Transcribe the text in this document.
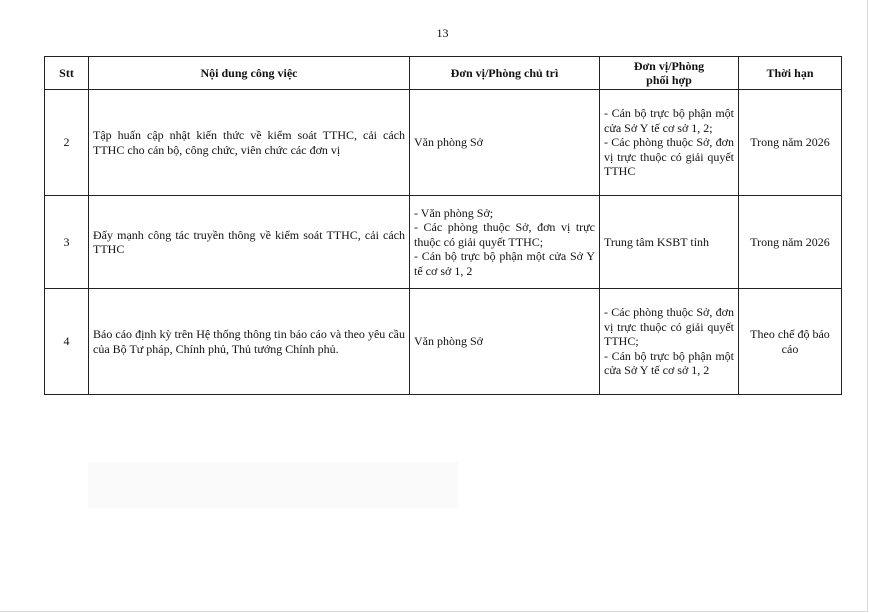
13
Stt	Nội dung công việc	Đơn vị/Phòng chủ trì	Đơn vị/Phòng
phối hợp	Thời hạn
2	Tập huấn cập nhật kiến thức về kiểm soát TTHC, cải cách TTHC cho cán bộ, công chức, viên chức các đơn vị	Văn phòng Sở	- Cán bộ trực bộ phận một cửa Sở Y tế cơ sở 1, 2;
- Các phòng thuộc Sở, đơn vị trực thuộc có giải quyết TTHC	Trong năm 2026
3	Đẩy mạnh công tác truyền thông về kiểm soát TTHC, cải cách TTHC	- Văn phòng Sở;
- Các phòng thuộc Sở, đơn vị trực thuộc có giải quyết TTHC;
- Cán bộ trực bộ phận một cửa Sở Y tế cơ sở 1, 2	Trung tâm KSBT tỉnh	Trong năm 2026
4	Báo cáo định kỳ trên Hệ thống thông tin báo cáo và theo yêu cầu của Bộ Tư pháp, Chính phủ, Thủ tướng Chính phủ.	Văn phòng Sở	- Các phòng thuộc Sở, đơn vị trực thuộc có giải quyết TTHC;
- Cán bộ trực bộ phận một cửa Sở Y tế cơ sở 1, 2	Theo chế độ báo cáo
